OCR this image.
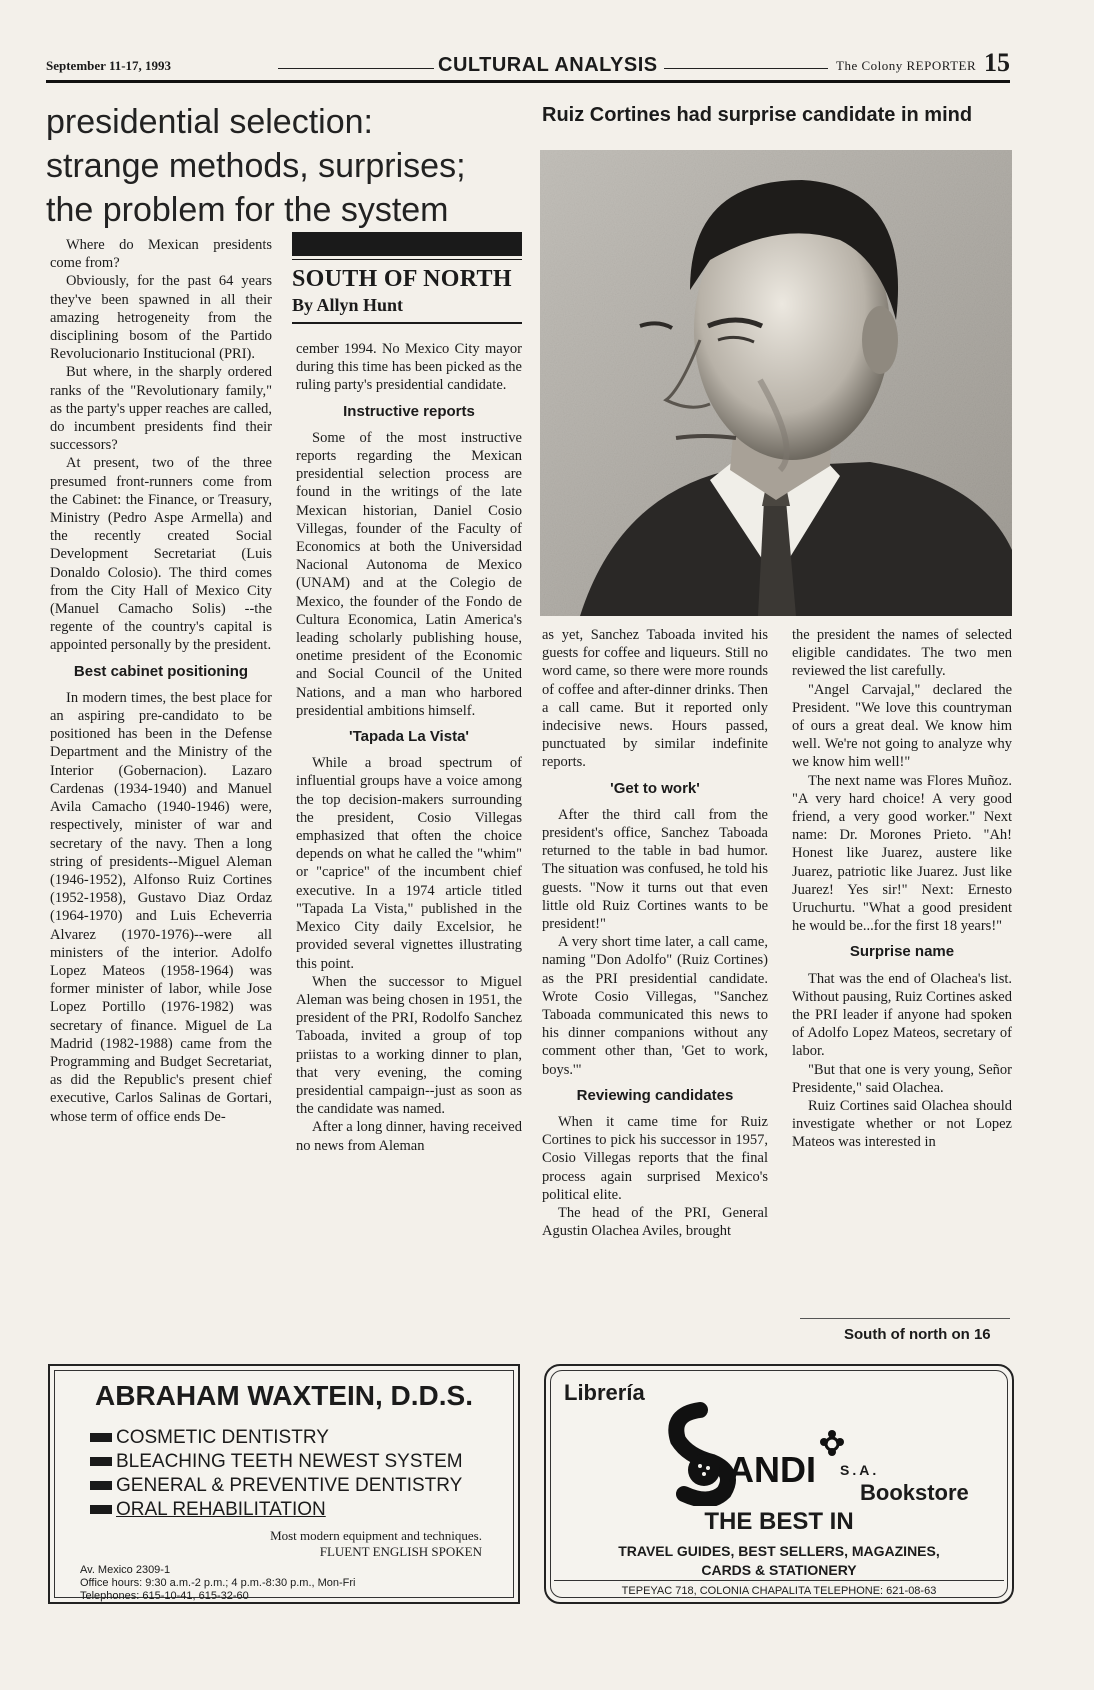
September 11-17, 1993	CULTURAL ANALYSIS	The Colony REPORTER 15
presidential selection:
strange methods, surprises;
the problem for the system
Ruiz Cortines had surprise candidate in mind

Where do Mexican presidents come from?

Obviously, for the past 64 years they've been spawned in all their amazing hetrogeneity from the disciplining bosom of the Partido Revolucionario Institucional (PRI).

But where, in the sharply ordered ranks of the "Revolutionary family," as the party's upper reaches are called, do incumbent presidents find their successors?

At present, two of the three presumed front-runners come from the Cabinet: the Finance, or Treasury, Ministry (Pedro Aspe Armella) and the recently created Social Development Secretariat (Luis Donaldo Colosio). The third comes from the City Hall of Mexico City (Manuel Camacho Solis) --the regente of the country's capital is appointed personally by the president.

Best cabinet positioning

In modern times, the best place for an aspiring pre-candidato to be positioned has been in the Defense Department and the Ministry of the Interior (Gobernacion). Lazaro Cardenas (1934-1940) and Manuel Avila Camacho (1940-1946) were, respectively, minister of war and secretary of the navy. Then a long string of presidents--Miguel Aleman (1946-1952), Alfonso Ruiz Cortines (1952-1958), Gustavo Diaz Ordaz (1964-1970) and Luis Echeverria Alvarez (1970-1976)--were all ministers of the interior. Adolfo Lopez Mateos (1958-1964) was former minister of labor, while Jose Lopez Portillo (1976-1982) was secretary of finance. Miguel de La Madrid (1982-1988) came from the Programming and Budget Secretariat, as did the Republic's present chief executive, Carlos Salinas de Gortari, whose term of office ends De-

SOUTH OF NORTH
By Allyn Hunt

cember 1994. No Mexico City mayor during this time has been picked as the ruling party's presidential candidate.

Instructive reports

Some of the most instructive reports regarding the Mexican presidential selection process are found in the writings of the late Mexican historian, Daniel Cosio Villegas, founder of the Faculty of Economics at both the Universidad Nacional Autonoma de Mexico (UNAM) and at the Colegio de Mexico, the founder of the Fondo de Cultura Economica, Latin America's leading scholarly publishing house, onetime president of the Economic and Social Council of the United Nations, and a man who harbored presidential ambitions himself.

'Tapada La Vista'

While a broad spectrum of influential groups have a voice among the top decision-makers surrounding the president, Cosio Villegas emphasized that often the choice depends on what he called the "whim" or "caprice" of the incumbent chief executive. In a 1974 article titled "Tapada La Vista," published in the Mexico City daily Excelsior, he provided several vignettes illustrating this point.

When the successor to Miguel Aleman was being chosen in 1951, the president of the PRI, Rodolfo Sanchez Taboada, invited a group of top priistas to a working dinner to plan, that very evening, the coming presidential campaign--just as soon as the candidate was named.

After a long dinner, having received no news from Aleman

as yet, Sanchez Taboada invited his guests for coffee and liqueurs. Still no word came, so there were more rounds of coffee and after-dinner drinks. Then a call came. But it reported only indecisive news. Hours passed, punctuated by similar indefinite reports.

'Get to work'

After the third call from the president's office, Sanchez Taboada returned to the table in bad humor. The situation was confused, he told his guests. "Now it turns out that even little old Ruiz Cortines wants to be president!"

A very short time later, a call came, naming "Don Adolfo" (Ruiz Cortines) as the PRI presidential candidate. Wrote Cosio Villegas, "Sanchez Taboada communicated this news to his dinner companions without any comment other than, 'Get to work, boys.'"

Reviewing candidates

When it came time for Ruiz Cortines to pick his successor in 1957, Cosio Villegas reports that the final process again surprised Mexico's political elite.

The head of the PRI, General Agustin Olachea Aviles, brought

the president the names of selected eligible candidates. The two men reviewed the list carefully.

"Angel Carvajal," declared the President. "We love this countryman of ours a great deal. We know him well. We're not going to analyze why we know him well!"

The next name was Flores Muñoz. "A very hard choice! A very good friend, a very good worker." Next name: Dr. Morones Prieto. "Ah! Honest like Juarez, austere like Juarez, patriotic like Juarez. Just like Juarez! Yes sir!" Next: Ernesto Uruchurtu. "What a good president he would be...for the first 18 years!"

Surprise name

That was the end of Olachea's list. Without pausing, Ruiz Cortines asked the PRI leader if anyone had spoken of Adolfo Lopez Mateos, secretary of labor.

"But that one is very young, Señor Presidente," said Olachea.

Ruiz Cortines said Olachea should investigate whether or not Lopez Mateos was interested in

South of north on 16
ABRAHAM WAXTEIN, D.D.S.
COSMETIC DENTISTRY
BLEACHING TEETH NEWEST SYSTEM
GENERAL & PREVENTIVE DENTISTRY
ORAL REHABILITATION
Most modern equipment and techniques.
FLUENT ENGLISH SPOKEN
Av. Mexico 2309-1
Office hours: 9:30 a.m.-2 p.m.; 4 p.m.-8:30 p.m., Mon-Fri
Telephones: 615-10-41, 615-32-60
Librería
ANDI S.A.
Bookstore
THE BEST IN
TRAVEL GUIDES, BEST SELLERS, MAGAZINES,
CARDS & STATIONERY
TEPEYAC 718, COLONIA CHAPALITA TELEPHONE: 621-08-63
